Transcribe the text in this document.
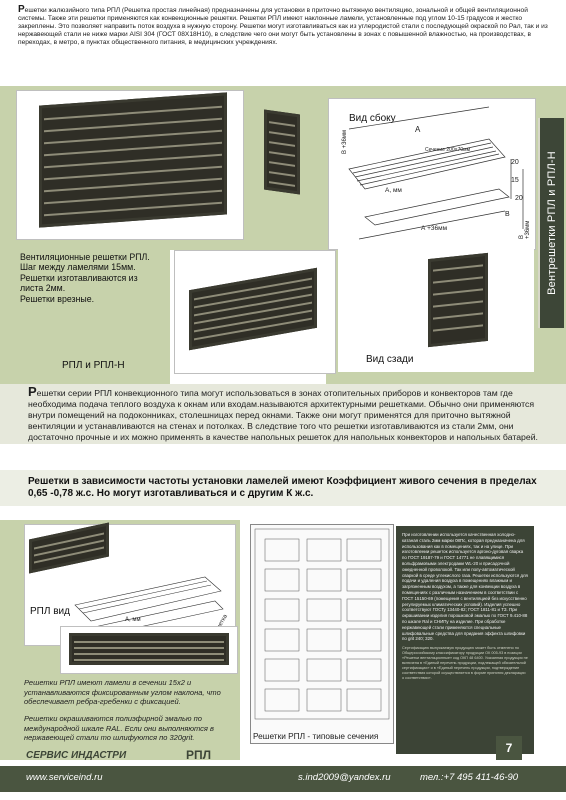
Решетки жалюзийного типа РПЛ (Решетка простая линейная) предназначены для установки в приточно вытяжную вентиляцию, зональной и общей вентиляционной системы. Также эти решетки применяются как конвекционные решетки. Решетки РПЛ имеют наклонные ламели, установленные под углом 10-15 градусов и жестко закреплены. Это позволяет направить поток воздуха в нужную сторону. Решетки могут изготавливаться как из углеродистой стали с последующей окраской по Рал, так и из нержавеющей стали не ниже марки AISI 304 (ГОСТ 08Х18Н10), в следствие чего они могут быть установлены в зонах с повышенной влажностью, на производствах, в переходах, в метро, в пунктах общественного питания, в медицинских учреждениях.
Вид сбоку
А
Сечение 200×70мм
А, мм
А +36мм
В +36мм
20
15
20
В
В +36мм Вентрешетки РПЛ и РПЛ-Н
Вентиляционные решетки РПЛ.
Шаг между ламелями 15мм.
Решетки изготавливаются из
листа 2мм.
Решетки врезные.
РПЛ и РПЛ-Н
Вид сзади
Решетки серии РПЛ конвекционного типа могут использоваться в зонах отопительных приборов и конвекторов там где необходима подача теплого воздуха к окнам или входам.называются архитектурными решетками. Обычно они применяются внутри помещений на подоконниках, столешницах перед окнами. Также они могут применятся для приточно вытяжной вентиляции и устанавливаются на стенах и потолках. В следствие того что решетки изготавливаются из стали 2мм, они достаточно прочные и их можно применять в качестве напольных решеток для напольных конвекторов и напольных батарей.
Решетки в зависимости частоты установки ламелей имеют Коэффициент живого сечения в пределах 0,65 -0,78 ж.с. Но могут изготавливаться и с другим К ж.с.
А, мм
РПЛ вид
Решетки РПЛ имеют ламели в сечении 15х2 и устанавливаются фиксированным углом наклона, что обеспечивает ребра-гребенки с фиксацией.
Решетки окрашиваются полиэфирной эмалью по международной шкале RAL. Если они выполняются в нержавеющей стали то шлифуются по 320grit.
СЕРВИС ИНДАСТРИ	РПЛ
Решетки РПЛ - типовые сечения
При изготовлении используется качественная холодно-катаная сталь 2мм марки 08Пс, которая предназначена для использования как в помещениях, так и на улице. При изготовлении решеток используется аргоно-дуговая сварка по ГОСТ 19187-79 и ГОСТ 14771 не плавящимися вольфрамовыми электродами WL-20 и присадочной омедненной проволокой. Так или полу-автоматической сваркой в среде углекислого газа. Решетки используются для подачи и удаления воздуха в помещениях влажным и загрязненным воздухом, а также для конвекции воздуха в помещениях с различным назначением в соответствии с ГОСТ 15150-69 (помещения с вентиляцией без искусственно регулируемых климатических условий). Изделия успешно соответствуют ГОСТу 13440-82; ГОСТ 1811-81 и ТЗ. При окрашивании изделия порошковой эмалью по ГОСТ 9.410-88 по шкале Ral и СНИПу на изделие. При обработке нержавеющей стали применяются специальные шлифовальные средства для придания эффекта шлифовки по grit 240; 320.
Сертификацию выпускаемую продукцию может быть отменено по Общероссийскому классификатору продукции ОК 005-93 в позиции «Решетки вентиляционные» код ОКП 48 6400. Указанная продукция не включена в «Единый перечень продукции, подлежащей обязательной сертификации» и в «Единый перечень продукции, подтверждение соответствия которой осуществляется в форме принятия декларации о соответствии».
7
www.serviceind.ru	s.ind2009@yandex.ru	тел.:+7 495 411-46-90
